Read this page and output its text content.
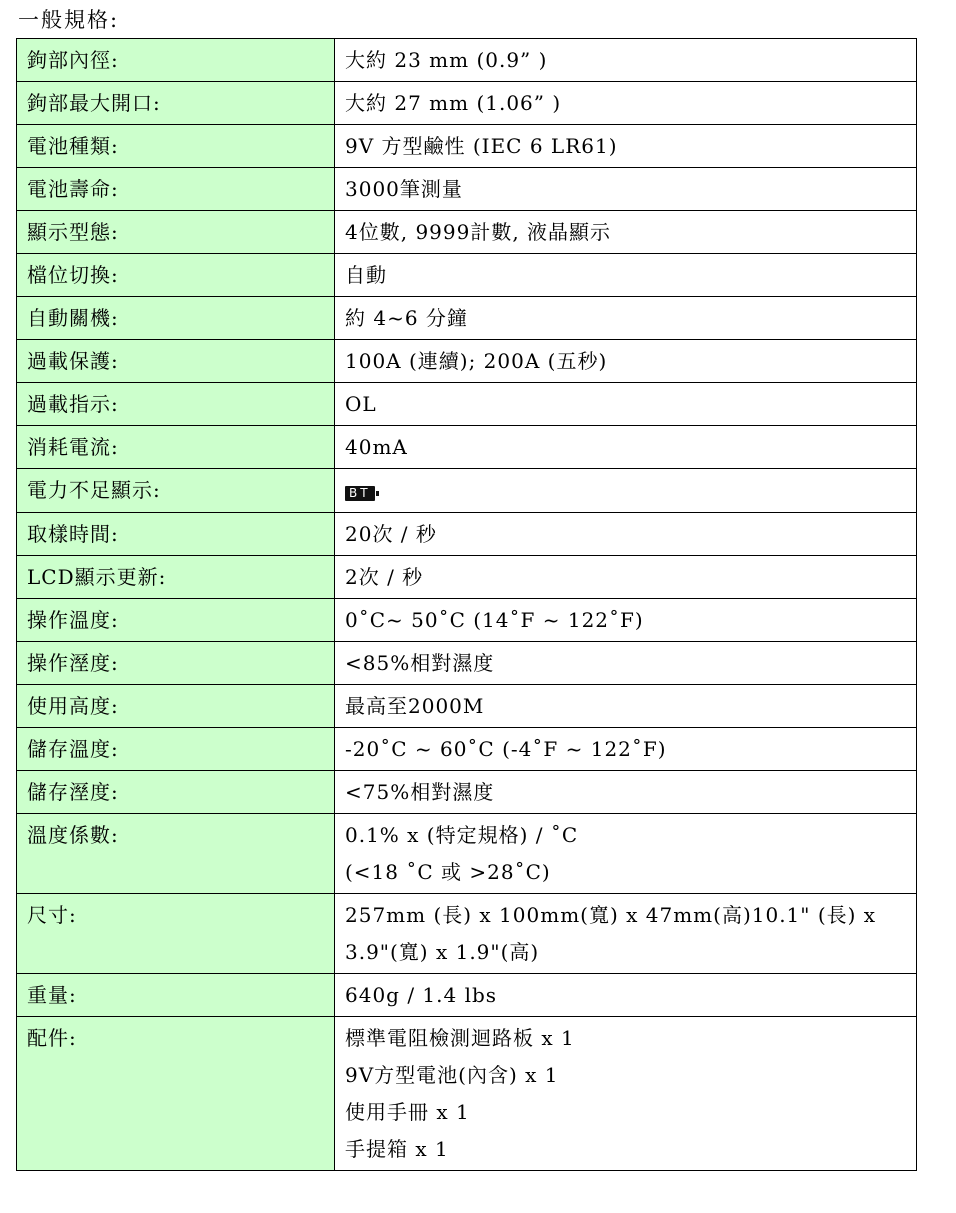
一般規格:
鉤部內徑:	大約 23 mm (0.9” )

鉤部最大開口:	大約 27 mm (1.06” )

電池種類:	9V 方型鹼性 (IEC 6 LR61)

電池壽命:	3000筆測量

顯示型態:	4位數, 9999計數, 液晶顯示

檔位切換:	自動

自動關機:	約 4~6 分鐘

過載保護:	100A (連續); 200A (五秒)

過載指示:	OL

消耗電流:	40mA

電力不足顯示:	BT

取樣時間:	20次 / 秒

LCD顯示更新:	2次 / 秒

操作溫度:	0˚C~ 50˚C (14˚F ~ 122˚F)

操作溼度:	<85%相對濕度

使用高度:	最高至2000M

儲存溫度:	-20˚C ~ 60˚C (-4˚F ~ 122˚F)

儲存溼度:	<75%相對濕度

溫度係數:	0.1% x (特定規格) / ˚C
(<18 ˚C 或 >28˚C)

尺寸:	257mm (長) x 100mm(寬) x 47mm(高)10.1" (長) x
3.9"(寬) x 1.9"(高)

重量:	640g / 1.4 lbs

配件:	標準電阻檢測迴路板 x 1
9V方型電池(內含) x 1
使用手冊 x 1
手提箱 x 1
